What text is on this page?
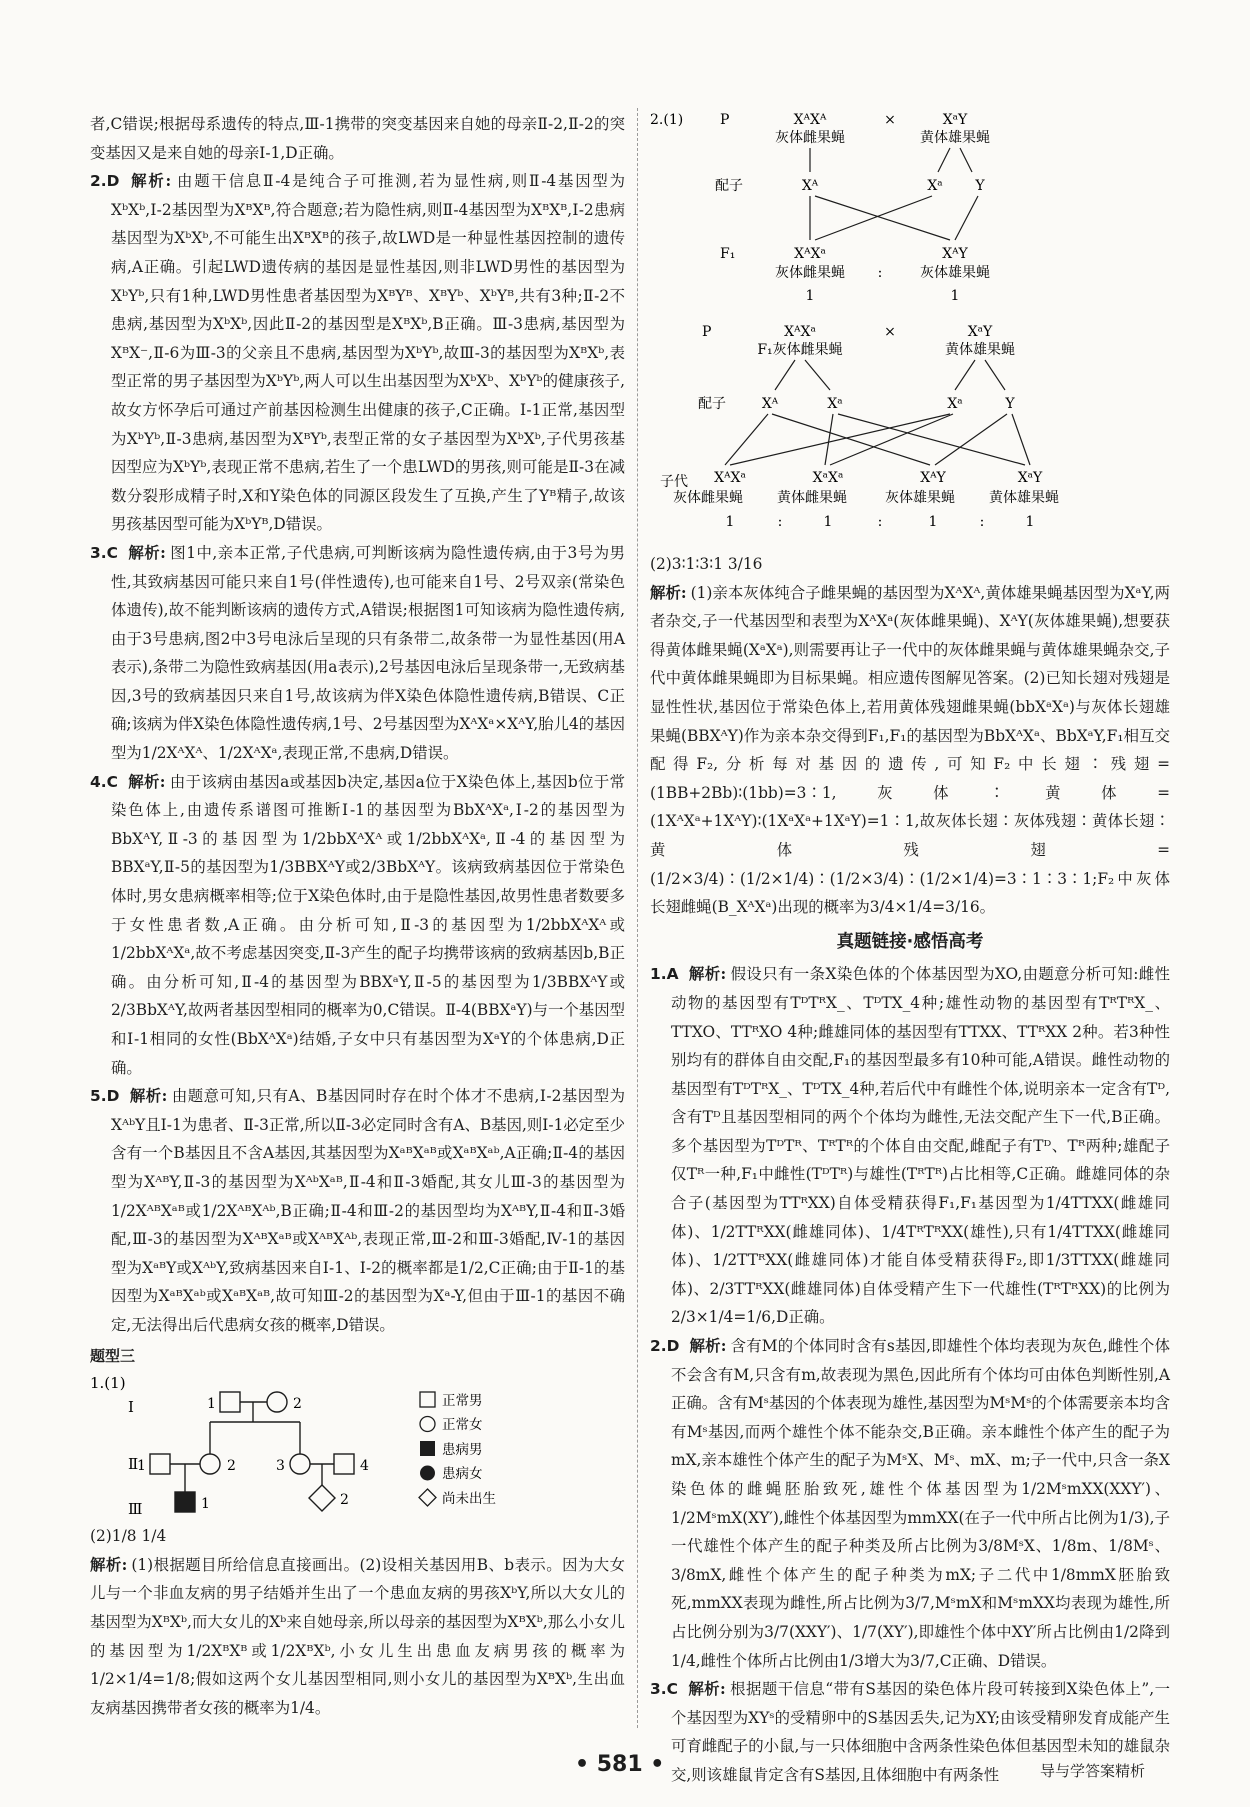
者,C错误;根据母系遗传的特点,Ⅲ-1携带的突变基因来自她的母亲Ⅱ-2,Ⅱ-2的突变基因又是来自她的母亲Ⅰ-1,D正确。

2.D 解析: 由题干信息Ⅱ-4是纯合子可推测,若为显性病,则Ⅱ-4基因型为XᵇXᵇ,Ⅰ-2基因型为XᴮXᴮ,符合题意;若为隐性病,则Ⅱ-4基因型为XᴮXᴮ,Ⅰ-2患病基因型为XᵇXᵇ,不可能生出XᴮXᴮ的孩子,故LWD是一种显性基因控制的遗传病,A正确。引起LWD遗传病的基因是显性基因,则非LWD男性的基因型为XᵇYᵇ,只有1种,LWD男性患者基因型为XᴮYᴮ、XᴮYᵇ、XᵇYᴮ,共有3种;Ⅱ-2不患病,基因型为XᵇXᵇ,因此Ⅱ-2的基因型是XᴮXᵇ,B正确。Ⅲ-3患病,基因型为XᴮX⁻,Ⅱ-6为Ⅲ-3的父亲且不患病,基因型为XᵇYᵇ,故Ⅲ-3的基因型为XᴮXᵇ,表型正常的男子基因型为XᵇYᵇ,两人可以生出基因型为XᵇXᵇ、XᵇYᵇ的健康孩子,故女方怀孕后可通过产前基因检测生出健康的孩子,C正确。Ⅰ-1正常,基因型为XᵇYᵇ,Ⅱ-3患病,基因型为XᴮYᵇ,表型正常的女子基因型为XᵇXᵇ,子代男孩基因型应为XᵇYᵇ,表现正常不患病,若生了一个患LWD的男孩,则可能是Ⅱ-3在减数分裂形成精子时,X和Y染色体的同源区段发生了互换,产生了Yᴮ精子,故该男孩基因型可能为XᵇYᴮ,D错误。

3.C 解析: 图1中,亲本正常,子代患病,可判断该病为隐性遗传病,由于3号为男性,其致病基因可能只来自1号(伴性遗传),也可能来自1号、2号双亲(常染色体遗传),故不能判断该病的遗传方式,A错误;根据图1可知该病为隐性遗传病,由于3号患病,图2中3号电泳后呈现的只有条带二,故条带一为显性基因(用A表示),条带二为隐性致病基因(用a表示),2号基因电泳后呈现条带一,无致病基因,3号的致病基因只来自1号,故该病为伴X染色体隐性遗传病,B错误、C正确;该病为伴X染色体隐性遗传病,1号、2号基因型为XᴬXᵃ×XᴬY,胎儿4的基因型为1/2XᴬXᴬ、1/2XᴬXᵃ,表现正常,不患病,D错误。

4.C 解析: 由于该病由基因a或基因b决定,基因a位于X染色体上,基因b位于常染色体上,由遗传系谱图可推断Ⅰ-1的基因型为BbXᴬXᵃ,Ⅰ-2的基因型为BbXᴬY,Ⅱ-3的基因型为1/2bbXᴬXᴬ或1/2bbXᴬXᵃ,Ⅱ-4的基因型为BBXᵃY,Ⅱ-5的基因型为1/3BBXᴬY或2/3BbXᴬY。该病致病基因位于常染色体时,男女患病概率相等;位于X染色体时,由于是隐性基因,故男性患者数要多于女性患者数,A正确。由分析可知,Ⅱ-3的基因型为1/2bbXᴬXᴬ或1/2bbXᴬXᵃ,故不考虑基因突变,Ⅱ-3产生的配子均携带该病的致病基因b,B正确。由分析可知,Ⅱ-4的基因型为BBXᵃY,Ⅱ-5的基因型为1/3BBXᴬY或2/3BbXᴬY,故两者基因型相同的概率为0,C错误。Ⅱ-4(BBXᵃY)与一个基因型和Ⅰ-1相同的女性(BbXᴬXᵃ)结婚,子女中只有基因型为XᵃY的个体患病,D正确。

5.D 解析: 由题意可知,只有A、B基因同时存在时个体才不患病,Ⅰ-2基因型为XᴬᵇY且Ⅰ-1为患者、Ⅱ-3正常,所以Ⅱ-3必定同时含有A、B基因,则Ⅰ-1必定至少含有一个B基因且不含A基因,其基因型为XᵃᴮXᵃᴮ或XᵃᴮXᵃᵇ,A正确;Ⅱ-4的基因型为XᴬᴮY,Ⅱ-3的基因型为XᴬᵇXᵃᴮ,Ⅱ-4和Ⅱ-3婚配,其女儿Ⅲ-3的基因型为1/2XᴬᴮXᵃᴮ或1/2XᴬᴮXᴬᵇ,B正确;Ⅱ-4和Ⅲ-2的基因型均为XᴬᴮY,Ⅱ-4和Ⅱ-3婚配,Ⅲ-3的基因型为XᴬᴮXᵃᴮ或XᴬᴮXᴬᵇ,表现正常,Ⅲ-2和Ⅲ-3婚配,Ⅳ-1的基因型为XᵃᴮY或XᴬᵇY,致病基因来自Ⅰ-1、Ⅰ-2的概率都是1/2,C正确;由于Ⅱ-1的基因型为XᵃᴮXᵃᵇ或XᵃᴮXᵃᴮ,故可知Ⅲ-2的基因型为Xᵃ-Y,但由于Ⅲ-1的基因不确定,无法得出后代患病女孩的概率,D错误。

题型三
1.(1)
Ⅰ
Ⅱ
Ⅲ
1	2
1	2	3	4
1	2
正常男
正常女
患病男
患病女
尚未出生

(2)1/8 1/4

解析: (1)根据题目所给信息直接画出。(2)设相关基因用B、b表示。因为大女儿与一个非血友病的男子结婚并生出了一个患血友病的男孩XᵇY,所以大女儿的基因型为XᴮXᵇ,而大女儿的Xᵇ来自她母亲,所以母亲的基因型为XᴮXᵇ,那么小女儿的基因型为1/2XᴮXᴮ或1/2XᴮXᵇ,小女儿生出患血友病男孩的概率为1/2×1/4=1/8;假如这两个女儿基因型相同,则小女儿的基因型为XᴮXᵇ,生出血友病基因携带者女孩的概率为1/4。

2.(1)	P	XᴬXᴬ
灰体雌果蝇
×	XᵃY
黄体雄果蝇
配子	Xᴬ	Xᵃ Y
F₁	XᴬXᵃ
灰体雌果蝇 :
XᴬY
灰体雄果蝇
1	1
P	XᴬXᵃ
F₁灰体雌果蝇
×	XᵃY
黄体雄果蝇
配子	Xᴬ	Xᵃ	Xᵃ	Y
子代 XᴬXᵃ	XᵃXᵃ	XᴬY	XᵃY
灰体雌果蝇 黄体雌果蝇	灰体雄果蝇 黄体雄果蝇
1	:	1	:	1	:	1

(2)3∶1∶3∶1 3/16

解析: (1)亲本灰体纯合子雌果蝇的基因型为XᴬXᴬ,黄体雄果蝇基因型为XᵃY,两者杂交,子一代基因型和表型为XᴬXᵃ(灰体雌果蝇)、XᴬY(灰体雄果蝇),想要获得黄体雌果蝇(XᵃXᵃ),则需要再让子一代中的灰体雌果蝇与黄体雄果蝇杂交,子代中黄体雌果蝇即为目标果蝇。相应遗传图解见答案。(2)已知长翅对残翅是显性性状,基因位于常染色体上,若用黄体残翅雌果蝇(bbXᵃXᵃ)与灰体长翅雄果蝇(BBXᴬY)作为亲本杂交得到F₁,F₁的基因型为BbXᴬXᵃ、BbXᵃY,F₁相互交配得F₂,分析每对基因的遗传,可知F₂中长翅∶残翅=(1BB+2Bb)∶(1bb)=3∶1,灰体∶黄体=(1XᴬXᵃ+1XᴬY)∶(1XᵃXᵃ+1XᵃY)=1∶1,故灰体长翅∶灰体残翅∶黄体长翅∶黄体残翅=(1/2×3/4)∶(1/2×1/4)∶(1/2×3/4)∶(1/2×1/4)=3∶1∶3∶1;F₂中灰体长翅雌蝇(B_XᴬXᵃ)出现的概率为3/4×1/4=3/16。

真题链接·感悟高考

1.A 解析: 假设只有一条X染色体的个体基因型为XO,由题意分析可知:雌性动物的基因型有TᴰTᴿX_、TᴰTX_4种;雄性动物的基因型有TᴿTᴿX_、TTXO、TTᴿXO 4种;雌雄同体的基因型有TTXX、TTᴿXX 2种。若3种性别均有的群体自由交配,F₁的基因型最多有10种可能,A错误。雌性动物的基因型有TᴰTᴿX_、TᴰTX_4种,若后代中有雌性个体,说明亲本一定含有Tᴰ,含有Tᴰ且基因型相同的两个个体均为雌性,无法交配产生下一代,B正确。多个基因型为TᴰTᴿ、TᴿTᴿ的个体自由交配,雌配子有Tᴰ、Tᴿ两种;雄配子仅Tᴿ一种,F₁中雌性(TᴰTᴿ)与雄性(TᴿTᴿ)占比相等,C正确。雌雄同体的杂合子(基因型为TTᴿXX)自体受精获得F₁,F₁基因型为1/4TTXX(雌雄同体)、1/2TTᴿXX(雌雄同体)、1/4TᴿTᴿXX(雄性),只有1/4TTXX(雌雄同体)、1/2TTᴿXX(雌雄同体)才能自体受精获得F₂,即1/3TTXX(雌雄同体)、2/3TTᴿXX(雌雄同体)自体受精产生下一代雄性(TᴿTᴿXX)的比例为2/3×1/4=1/6,D正确。

2.D 解析: 含有M的个体同时含有s基因,即雄性个体均表现为灰色,雌性个体不会含有M,只含有m,故表现为黑色,因此所有个体均可由体色判断性别,A正确。含有Mˢ基因的个体表现为雄性,基因型为MˢMˢ的个体需要亲本均含有Mˢ基因,而两个雄性个体不能杂交,B正确。亲本雌性个体产生的配子为mX,亲本雄性个体产生的配子为MˢX、Mˢ、mX、m;子一代中,只含一条X染色体的雌蝇胚胎致死,雄性个体基因型为1/2MˢmXX(XXY′)、1/2MˢmX(XY′),雌性个体基因型为mmXX(在子一代中所占比例为1/3),子一代雄性个体产生的配子种类及所占比例为3/8MˢX、1/8m、1/8Mˢ、3/8mX,雌性个体产生的配子种类为mX;子二代中1/8mmX胚胎致死,mmXX表现为雌性,所占比例为3/7,MˢmX和MˢmXX均表现为雄性,所占比例分别为3/7(XXY′)、1/7(XY′),即雄性个体中XY′所占比例由1/2降到1/4,雌性个体所占比例由1/3增大为3/7,C正确、D错误。

3.C 解析: 根据题干信息“带有S基因的染色体片段可转接到X染色体上”,一个基因型为XYˢ的受精卵中的S基因丢失,记为XY;由该受精卵发育成能产生可育雌配子的小鼠,与一只体细胞中含两条性染色体但基因型未知的雄鼠杂交,则该雄鼠肯定含有S基因,且体细胞中有两条性

• 581 •	导与学答案精析
